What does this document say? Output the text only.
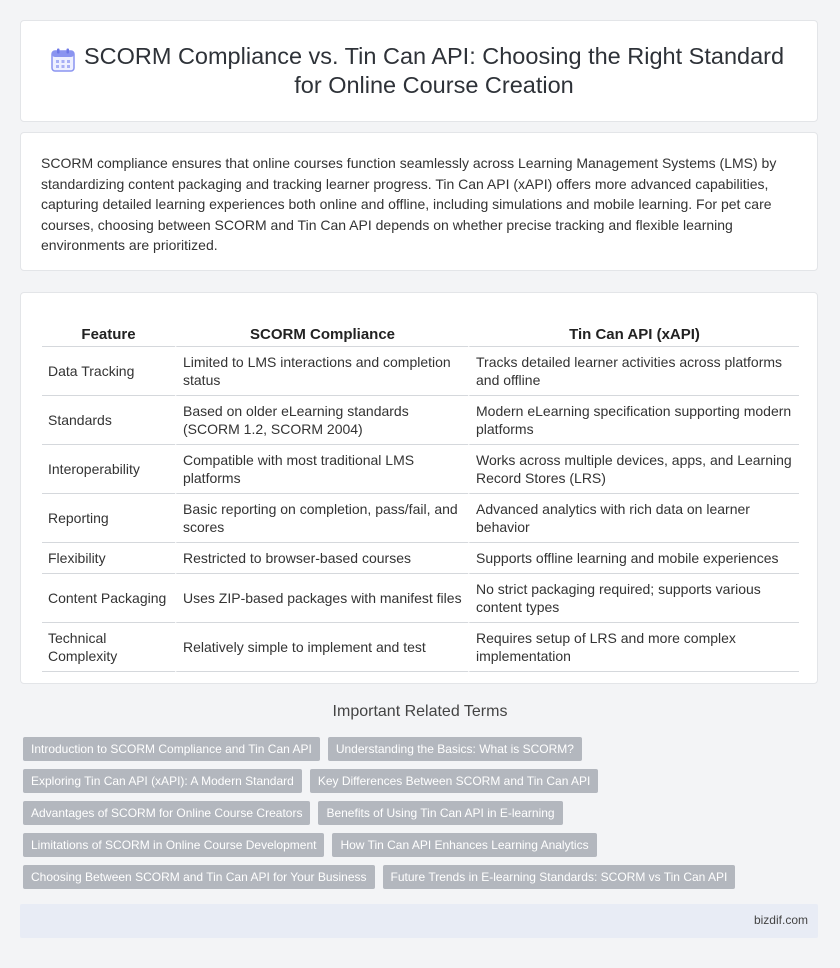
SCORM Compliance vs. Tin Can API: Choosing the Right Standard for Online Course Creation

SCORM compliance ensures that online courses function seamlessly across Learning Management Systems (LMS) by standardizing content packaging and tracking learner progress. Tin Can API (xAPI) offers more advanced capabilities, capturing detailed learning experiences both online and offline, including simulations and mobile learning. For pet care courses, choosing between SCORM and Tin Can API depends on whether precise tracking and flexible learning environments are prioritized.

Feature	SCORM Compliance	Tin Can API (xAPI)
Data Tracking	Limited to LMS interactions and completion status	Tracks detailed learner activities across platforms and offline
Standards	Based on older eLearning standards (SCORM 1.2, SCORM 2004)	Modern eLearning specification supporting modern platforms
Interoperability	Compatible with most traditional LMS platforms	Works across multiple devices, apps, and Learning Record Stores (LRS)
Reporting	Basic reporting on completion, pass/fail, and scores	Advanced analytics with rich data on learner behavior
Flexibility	Restricted to browser-based courses	Supports offline learning and mobile experiences
Content Packaging	Uses ZIP-based packages with manifest files	No strict packaging required; supports various content types
Technical Complexity	Relatively simple to implement and test	Requires setup of LRS and more complex implementation
Important Related Terms
Introduction to SCORM Compliance and Tin Can API	Understanding the Basics: What is SCORM?
Exploring Tin Can API (xAPI): A Modern Standard	Key Differences Between SCORM and Tin Can API
Advantages of SCORM for Online Course Creators	Benefits of Using Tin Can API in E-learning
Limitations of SCORM in Online Course Development	How Tin Can API Enhances Learning Analytics
Choosing Between SCORM and Tin Can API for Your Business	Future Trends in E-learning Standards: SCORM vs Tin Can API
bizdif.com
